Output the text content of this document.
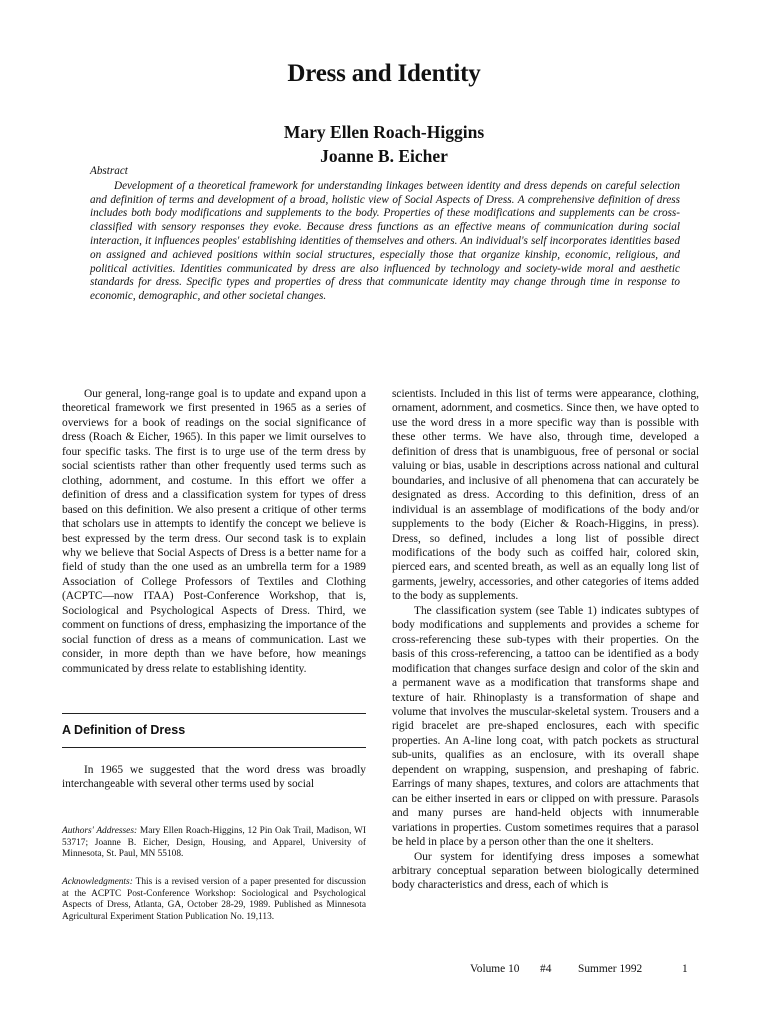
Dress and Identity
Mary Ellen Roach-Higgins
Joanne B. Eicher
Abstract

Development of a theoretical framework for understanding linkages between identity and dress depends on careful selection and definition of terms and development of a broad, holistic view of Social Aspects of Dress. A comprehensive definition of dress includes both body modifications and supplements to the body. Properties of these modifications and supplements can be cross-classified with sensory responses they evoke. Because dress functions as an effective means of communication during social interaction, it influences peoples' establishing identities of themselves and others. An individual's self incorporates identities based on assigned and achieved positions within social structures, especially those that organize kinship, economic, religious, and political activities. Identities communicated by dress are also influenced by technology and society-wide moral and aesthetic standards for dress. Specific types and properties of dress that communicate identity may change through time in response to economic, demographic, and other societal changes.

Our general, long-range goal is to update and expand upon a theoretical framework we first presented in 1965 as a series of overviews for a book of readings on the social significance of dress (Roach & Eicher, 1965). In this paper we limit ourselves to four specific tasks. The first is to urge use of the term dress by social scientists rather than other frequently used terms such as clothing, adornment, and costume. In this effort we offer a definition of dress and a classification system for types of dress based on this definition. We also present a critique of other terms that scholars use in attempts to identify the concept we believe is best expressed by the term dress. Our second task is to explain why we believe that Social Aspects of Dress is a better name for a field of study than the one used as an umbrella term for a 1989 Association of College Professors of Textiles and Clothing (ACPTC—now ITAA) Post-Conference Workshop, that is, Sociological and Psychological Aspects of Dress. Third, we comment on functions of dress, emphasizing the importance of the social function of dress as a means of communication. Last we consider, in more depth than we have before, how meanings communicated by dress relate to establishing identity.

A Definition of Dress

In 1965 we suggested that the word dress was broadly interchangeable with several other terms used by social

Authors' Addresses: Mary Ellen Roach-Higgins, 12 Pin Oak Trail, Madison, WI 53717; Joanne B. Eicher, Design, Housing, and Apparel, University of Minnesota, St. Paul, MN 55108.
Acknowledgments: This is a revised version of a paper presented for discussion at the ACPTC Post-Conference Workshop: Sociological and Psychological Aspects of Dress, Atlanta, GA, October 28-29, 1989. Published as Minnesota Agricultural Experiment Station Publication No. 19,113.

scientists. Included in this list of terms were appearance, clothing, ornament, adornment, and cosmetics. Since then, we have opted to use the word dress in a more specific way than is possible with these other terms. We have also, through time, developed a definition of dress that is unambiguous, free of personal or social valuing or bias, usable in descriptions across national and cultural boundaries, and inclusive of all phenomena that can accurately be designated as dress. According to this definition, dress of an individual is an assemblage of modifications of the body and/or supplements to the body (Eicher & Roach-Higgins, in press). Dress, so defined, includes a long list of possible direct modifications of the body such as coiffed hair, colored skin, pierced ears, and scented breath, as well as an equally long list of garments, jewelry, accessories, and other categories of items added to the body as supplements.

The classification system (see Table 1) indicates subtypes of body modifications and supplements and provides a scheme for cross-referencing these sub-types with their properties. On the basis of this cross-referencing, a tattoo can be identified as a body modification that changes surface design and color of the skin and a permanent wave as a modification that transforms shape and texture of hair. Rhinoplasty is a transformation of shape and volume that involves the muscular-skeletal system. Trousers and a rigid bracelet are pre-shaped enclosures, each with specific properties. An A-line long coat, with patch pockets as structural sub-units, qualifies as an enclosure, with its overall shape dependent on wrapping, suspension, and preshaping of fabric. Earrings of many shapes, textures, and colors are attachments that can be either inserted in ears or clipped on with pressure. Parasols and many purses are hand-held objects with innumerable variations in properties. Custom sometimes requires that a parasol be held in place by a person other than the one it shelters.

Our system for identifying dress imposes a somewhat arbitrary conceptual separation between biologically determined body characteristics and dress, each of which is

Volume 10 #4 Summer 1992	1
